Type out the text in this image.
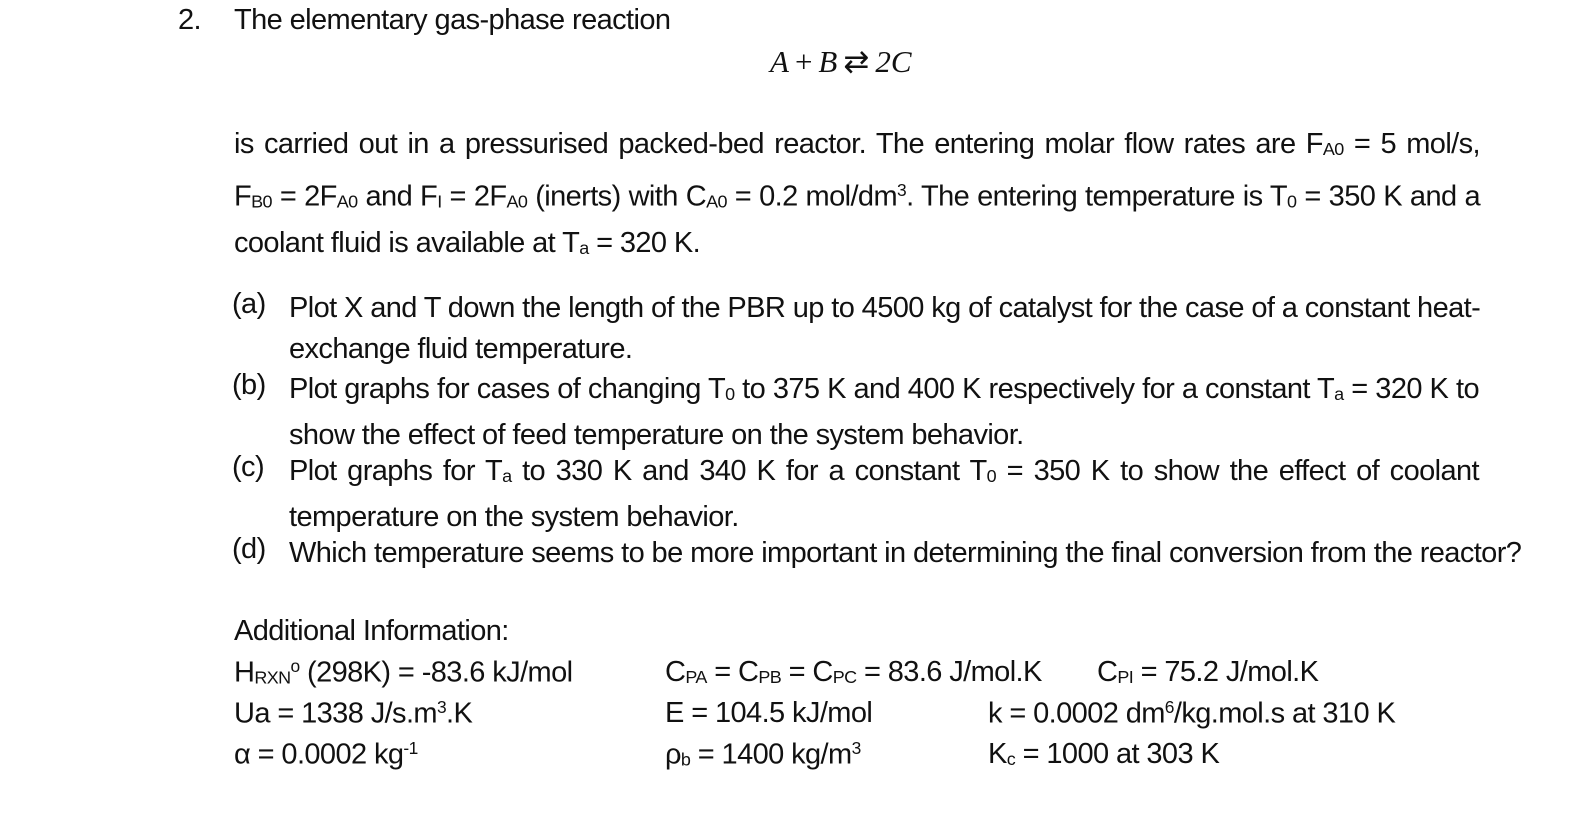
2. The elementary gas-phase reaction
A + B ⇄ 2C
is carried out in a pressurised packed-bed reactor. The entering molar flow rates are $F_{A0} = 5$ mol/s,
$F_{B0} = 2F_{A0}$ and $F_I = 2F_{A0}$ (inerts) with $C_{A0} = 0.2$ mol/$dm^3$. The entering temperature is $T_0 = 350$ K and a
coolant fluid is available at $T_a = 320$ K.
(a) Plot X and T down the length of the PBR up to 4500 kg of catalyst for the case of a constant heat-
exchange fluid temperature.
(b) Plot graphs for cases of changing $T_0$ to 375 K and 400 K respectively for a constant $T_a = 320$ K to
show the effect of feed temperature on the system behavior.
(c) Plot graphs for $T_a$ to 330 K and 340 K for a constant $T_0 = 350$ K to show the effect of coolant
temperature on the system behavior.
(d) Which temperature seems to be more important in determining the final conversion from the reactor?
Additional Information:
$H_{RXN}^o$ (298K) = -83.6 kJ/mol
Ua = 1338 $J/s.m^3.K$
α = 0.0002 $kg^{-1}$
$C_{PA} = C_{PB} = C_{PC} = 83.6$ J/mol.K
E = 104.5 kJ/mol
$\rho_b = 1400$ $kg/m^3$
$C_{PI} = 75.2$ J/mol.K
k = 0.0002 $dm^6/kg.mol.s$ at 310 K
$K_c = 1000$ at 303 K
